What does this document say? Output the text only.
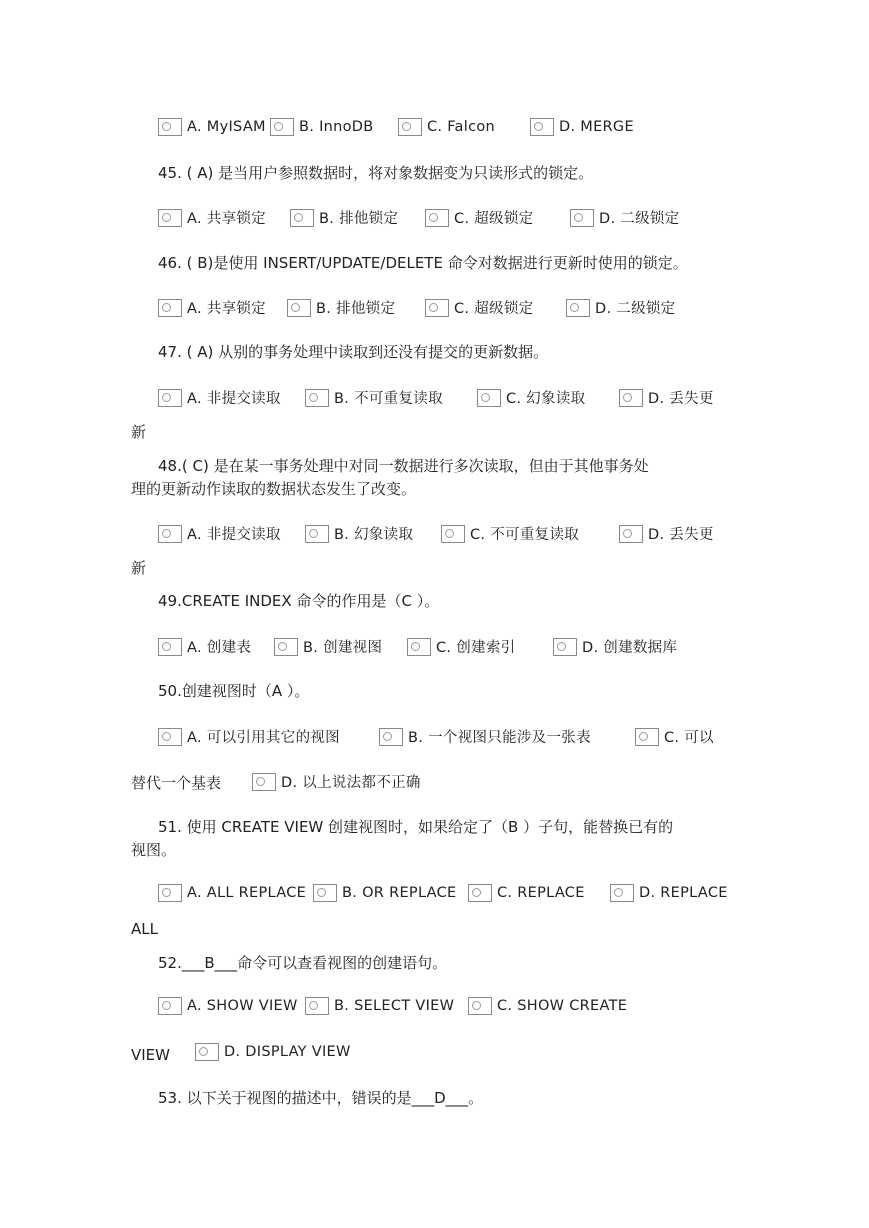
A. MyISAM B. InnoDB	C. Falcon	D. MERGE
45. ( A) 是当用户参照数据时，将对象数据变为只读形式的锁定。
A. 共享锁定	B. 排他锁定	C. 超级锁定	D. 二级锁定
46. ( B)是使用 INSERT/UPDATE/DELETE 命令对数据进行更新时使用的锁定。
A. 共享锁定	B. 排他锁定	C. 超级锁定	D. 二级锁定
47. ( A) 从别的事务处理中读取到还没有提交的更新数据。
A. 非提交读取	B. 不可重复读取	C. 幻象读取	D. 丢失更
新
48.( C) 是在某一事务处理中对同一数据进行多次读取，但由于其他事务处
理的更新动作读取的数据状态发生了改变。
A. 非提交读取	B. 幻象读取	C. 不可重复读取	D. 丢失更
新
49.CREATE INDEX 命令的作用是（C ）。
A. 创建表	B. 创建视图	C. 创建索引	D. 创建数据库
50.创建视图时（A ）。
A. 可以引用其它的视图	B. 一个视图只能涉及一张表	C. 可以
替代一个基表	D. 以上说法都不正确
51. 使用 CREATE VIEW 创建视图时，如果给定了（B ）子句，能替换已有的
视图。
A. ALL REPLACE B. OR REPLACE	C. REPLACE	D. REPLACE
ALL
52.___B___命令可以查看视图的创建语句。
A. SHOW VIEW	B. SELECT VIEW	C. SHOW CREATE
VIEW	D. DISPLAY VIEW
53. 以下关于视图的描述中，错误的是___D___。
